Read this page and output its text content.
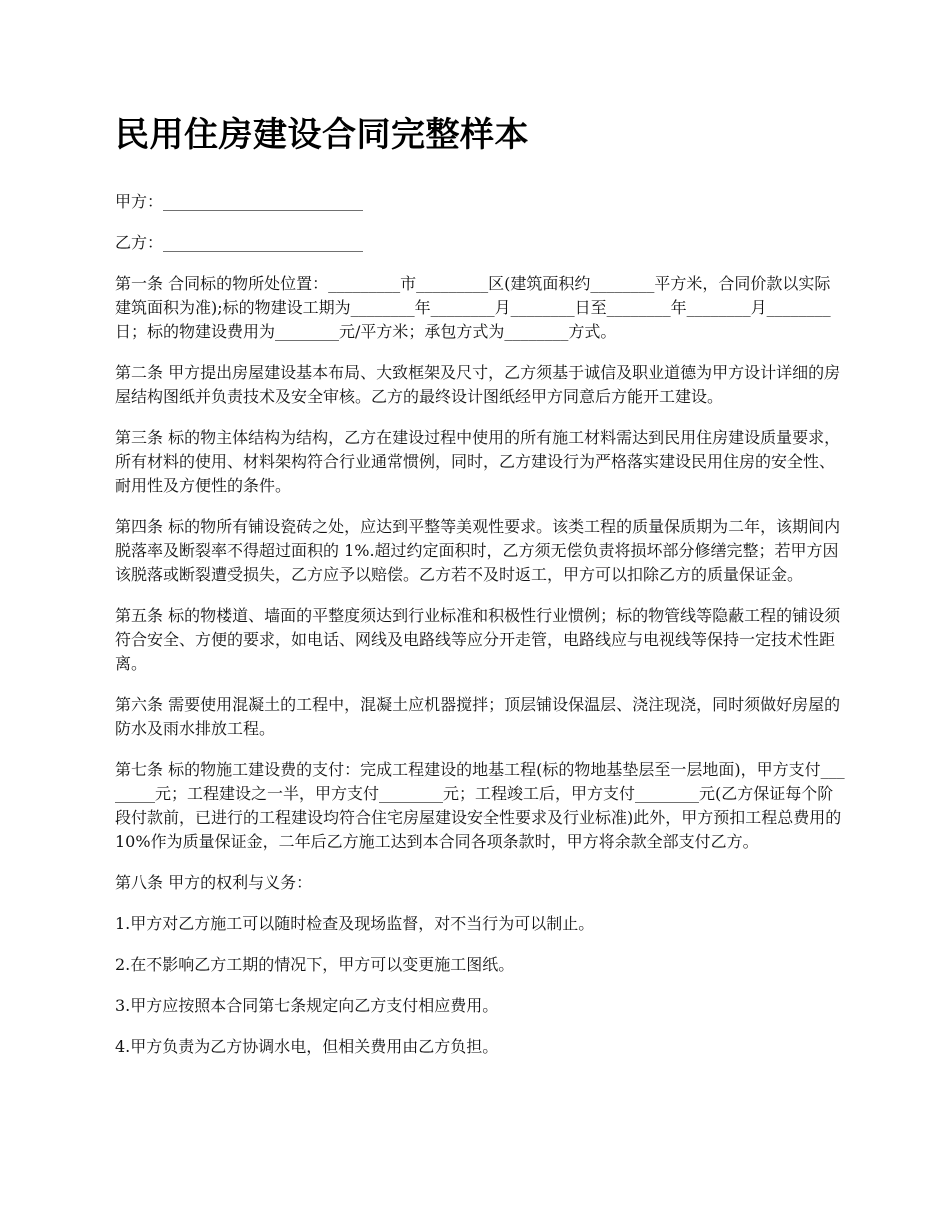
民用住房建设合同完整样本

甲方：_________________________

乙方：_________________________

第一条 合同标的物所处位置：_________市_________区(建筑面积约________平方米，合同价款以实际建筑面积为准);标的物建设工期为________年________月________日至________年________月________日；标的物建设费用为________元/平方米；承包方式为________方式。

第二条 甲方提出房屋建设基本布局、大致框架及尺寸，乙方须基于诚信及职业道德为甲方设计详细的房屋结构图纸并负责技术及安全审核。乙方的最终设计图纸经甲方同意后方能开工建设。

第三条 标的物主体结构为结构，乙方在建设过程中使用的所有施工材料需达到民用住房建设质量要求，所有材料的使用、材料架构符合行业通常惯例，同时，乙方建设行为严格落实建设民用住房的安全性、耐用性及方便性的条件。

第四条 标的物所有铺设瓷砖之处，应达到平整等美观性要求。该类工程的质量保质期为二年，该期间内脱落率及断裂率不得超过面积的 1%.超过约定面积时，乙方须无偿负责将损坏部分修缮完整；若甲方因该脱落或断裂遭受损失，乙方应予以赔偿。乙方若不及时返工，甲方可以扣除乙方的质量保证金。

第五条 标的物楼道、墙面的平整度须达到行业标准和积极性行业惯例；标的物管线等隐蔽工程的铺设须符合安全、方便的要求，如电话、网线及电路线等应分开走管，电路线应与电视线等保持一定技术性距离。

第六条 需要使用混凝土的工程中，混凝土应机器搅拌；顶层铺设保温层、浇注现浇，同时须做好房屋的防水及雨水排放工程。

第七条 标的物施工建设费的支付：完成工程建设的地基工程(标的物地基垫层至一层地面)，甲方支付________元；工程建设之一半，甲方支付________元；工程竣工后，甲方支付________元(乙方保证每个阶段付款前，已进行的工程建设均符合住宅房屋建设安全性要求及行业标准)此外，甲方预扣工程总费用的 10%作为质量保证金，二年后乙方施工达到本合同各项条款时，甲方将余款全部支付乙方。

第八条 甲方的权利与义务：

1.甲方对乙方施工可以随时检查及现场监督，对不当行为可以制止。

2.在不影响乙方工期的情况下，甲方可以变更施工图纸。

3.甲方应按照本合同第七条规定向乙方支付相应费用。

4.甲方负责为乙方协调水电，但相关费用由乙方负担。
